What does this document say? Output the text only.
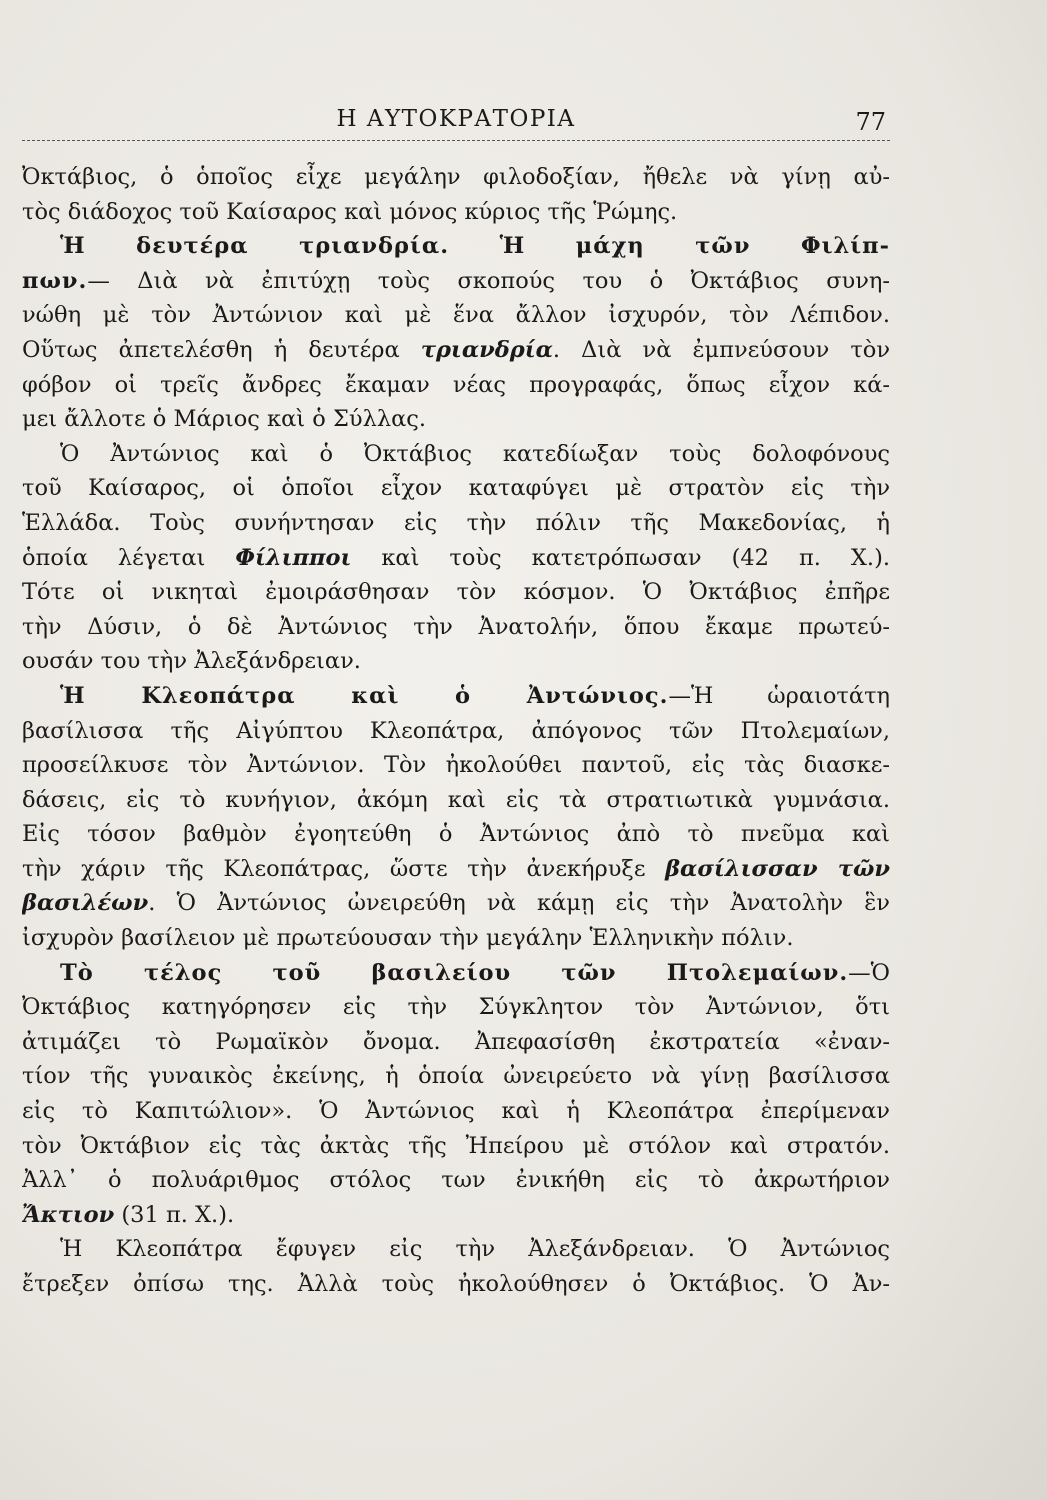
Η ΑΥΤΟΚΡΑΤΟΡΙΑ	77
Ὀκτάβιος, ὁ ὁποῖος εἶχε μεγάλην φιλοδοξίαν, ἤθελε νὰ γίνῃ αὐ-
τὸς διάδοχος τοῦ Καίσαρος καὶ μόνος κύριος τῆς Ῥώμης.
Ἡ δευτέρα τριανδρία. Ἡ μάχη τῶν Φιλίπ-
πων.— Διὰ νὰ ἐπιτύχῃ τοὺς σκοπούς του ὁ Ὀκτάβιος συνη-
νώθη μὲ τὸν Ἀντώνιον καὶ μὲ ἕνα ἄλλον ἰσχυρόν, τὸν Λέπιδον.
Οὕτως ἀπετελέσθη ἡ δευτέρα τριανδρία. Διὰ νὰ ἐμπνεύσουν τὸν
φόβον οἱ τρεῖς ἄνδρες ἔκαμαν νέας προγραφάς, ὅπως εἶχον κά-
μει ἄλλοτε ὁ Μάριος καὶ ὁ Σύλλας.
Ὁ Ἀντώνιος καὶ ὁ Ὀκτάβιος κατεδίωξαν τοὺς δολοφόνους
τοῦ Καίσαρος, οἱ ὁποῖοι εἶχον καταφύγει μὲ στρατὸν εἰς τὴν
Ἑλλάδα. Τοὺς συνήντησαν εἰς τὴν πόλιν τῆς Μακεδονίας, ἡ
ὁποία λέγεται Φίλιπποι καὶ τοὺς κατετρόπωσαν (42 π. Χ.).
Τότε οἱ νικηταὶ ἐμοιράσθησαν τὸν κόσμον. Ὁ Ὀκτάβιος ἐπῆρε
τὴν Δύσιν, ὁ δὲ Ἀντώνιος τὴν Ἀνατολήν, ὅπου ἔκαμε πρωτεύ-
ουσάν του τὴν Ἀλεξάνδρειαν.
Ἡ Κλεοπάτρα καὶ ὁ Ἀντώνιος.—Ἡ ὡραιοτάτη
βασίλισσα τῆς Αἰγύπτου Κλεοπάτρα, ἀπόγονος τῶν Πτολεμαίων,
προσείλκυσε τὸν Ἀντώνιον. Τὸν ἠκολούθει παντοῦ, εἰς τὰς διασκε-
δάσεις, εἰς τὸ κυνήγιον, ἀκόμη καὶ εἰς τὰ στρατιωτικὰ γυμνάσια.
Εἰς τόσον βαθμὸν ἐγοητεύθη ὁ Ἀντώνιος ἀπὸ τὸ πνεῦμα καὶ
τὴν χάριν τῆς Κλεοπάτρας, ὥστε τὴν ἀνεκήρυξε βασίλισσαν τῶν
βασιλέων. Ὁ Ἀντώνιος ὠνειρεύθη νὰ κάμῃ εἰς τὴν Ἀνατολὴν ἓν
ἰσχυρὸν βασίλειον μὲ πρωτεύουσαν τὴν μεγάλην Ἑλληνικὴν πόλιν.
Τὸ τέλος τοῦ βασιλείου τῶν Πτολεμαίων.—Ὁ
Ὀκτάβιος κατηγόρησεν εἰς τὴν Σύγκλητον τὸν Ἀντώνιον, ὅτι
ἀτιμάζει τὸ Ρωμαϊκὸν ὄνομα. Ἀπεφασίσθη ἐκστρατεία «ἐναν-
τίον τῆς γυναικὸς ἐκείνης, ἡ ὁποία ὠνειρεύετο νὰ γίνῃ βασίλισσα
εἰς τὸ Καπιτώλιον». Ὁ Ἀντώνιος καὶ ἡ Κλεοπάτρα ἐπερίμεναν
τὸν Ὀκτάβιον εἰς τὰς ἀκτὰς τῆς Ἠπείρου μὲ στόλον καὶ στρατόν.
Ἀλλ᾽ ὁ πολυάριθμος στόλος των ἐνικήθη εἰς τὸ ἀκρωτήριον
Ἄκτιον (31 π. Χ.).
Ἡ Κλεοπάτρα ἔφυγεν εἰς τὴν Ἀλεξάνδρειαν. Ὁ Ἀντώνιος
ἔτρεξεν ὀπίσω της. Ἀλλὰ τοὺς ἠκολούθησεν ὁ Ὀκτάβιος. Ὁ Ἀν-
